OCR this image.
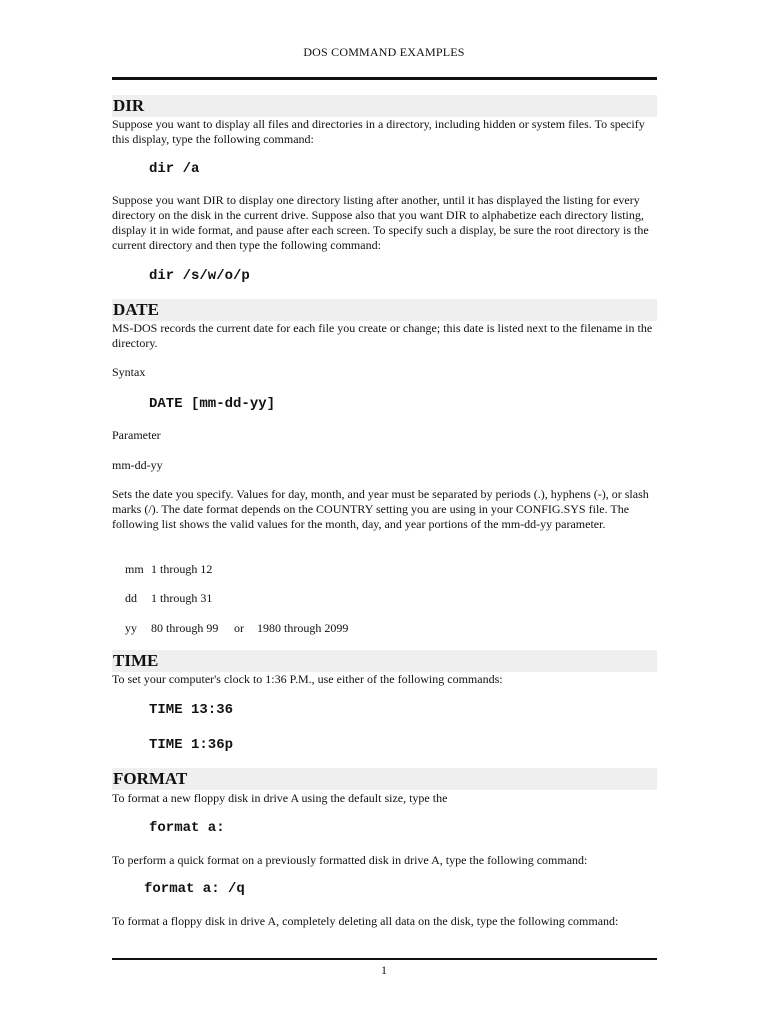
DOS COMMAND EXAMPLES
DIR
Suppose you want to display all files and directories in a directory, including hidden or system files. To specify this display, type the following command:
dir /a
Suppose you want DIR to display one directory listing after another, until it has displayed the listing for every directory on the disk in the current drive. Suppose also that you want DIR to alphabetize each directory listing, display it in wide format, and pause after each screen. To specify such a display, be sure the root directory is the current directory and then type the following command:
dir /s/w/o/p
DATE
MS-DOS records the current date for each file you create or change; this date is listed next to the filename in the directory.
Syntax
DATE [mm-dd-yy]
Parameter
mm-dd-yy
Sets the date you specify. Values for day, month, and year must be separated by periods (.), hyphens (-), or slash marks (/). The date format depends on the COUNTRY setting you are using in your CONFIG.SYS file. The following list shows the valid values for the month, day, and year portions of the mm-dd-yy parameter.
mm 1 through 12
dd 1 through 31
yy 80 through 99 or 1980 through 2099
TIME
To set your computer's clock to 1:36 P.M., use either of the following commands:
TIME 13:36
TIME 1:36p
FORMAT
To format a new floppy disk in drive A using the default size, type the
format a:
To perform a quick format on a previously formatted disk in drive A, type the following command:
format a: /q
To format a floppy disk in drive A, completely deleting all data on the disk, type the following command:
1
